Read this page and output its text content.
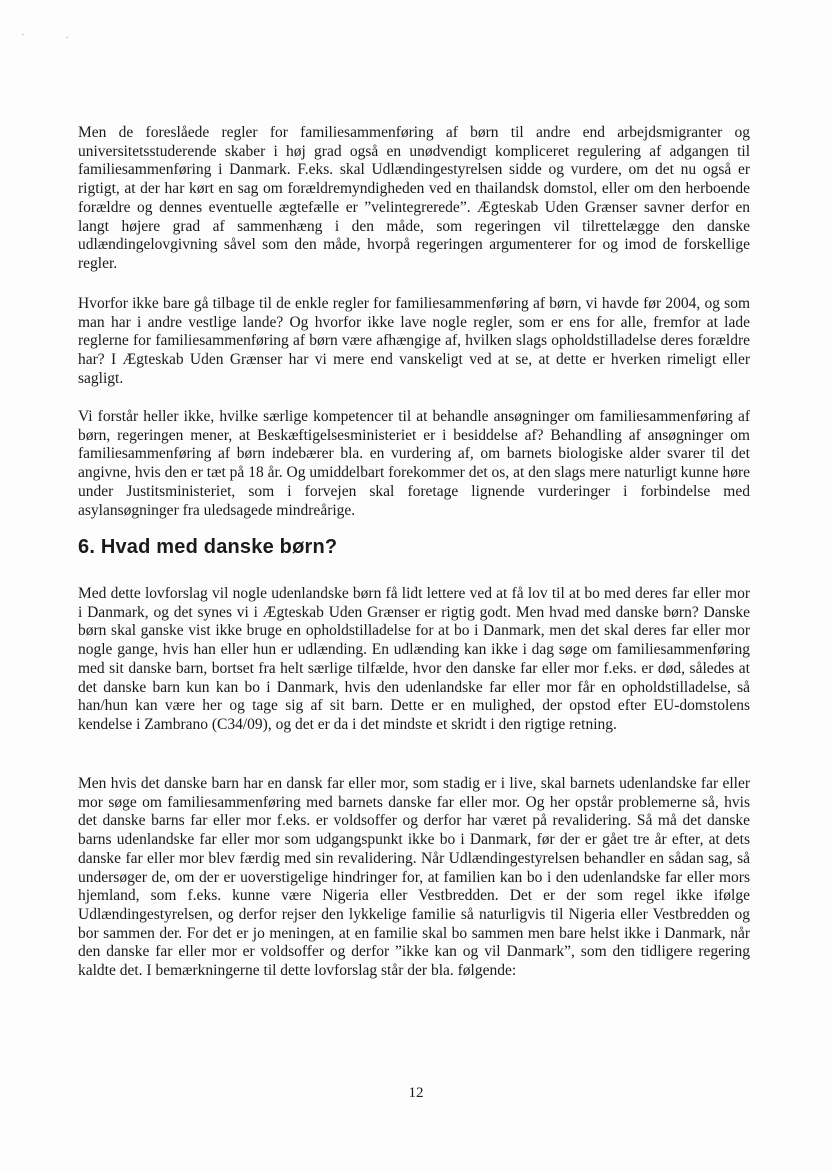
Men de foreslåede regler for familiesammenføring af børn til andre end arbejdsmigranter og universitetsstuderende skaber i høj grad også en unødvendigt kompliceret regulering af adgangen til familiesammenføring i Danmark. F.eks. skal Udlændingestyrelsen sidde og vurdere, om det nu også er rigtigt, at der har kørt en sag om forældremyndigheden ved en thailandsk domstol, eller om den herboende forældre og dennes eventuelle ægtefælle er ”velintegrerede”. Ægteskab Uden Grænser savner derfor en langt højere grad af sammenhæng i den måde, som regeringen vil tilrettelægge den danske udlændingelovgivning såvel som den måde, hvorpå regeringen argumenterer for og imod de forskellige regler.

Hvorfor ikke bare gå tilbage til de enkle regler for familiesammenføring af børn, vi havde før 2004, og som man har i andre vestlige lande? Og hvorfor ikke lave nogle regler, som er ens for alle, fremfor at lade reglerne for familiesammenføring af børn være afhængige af, hvilken slags opholdstilladelse deres forældre har? I Ægteskab Uden Grænser har vi mere end vanskeligt ved at se, at dette er hverken rimeligt eller sagligt.

Vi forstår heller ikke, hvilke særlige kompetencer til at behandle ansøgninger om familiesammenføring af børn, regeringen mener, at Beskæftigelsesministeriet er i besiddelse af? Behandling af ansøgninger om familiesammenføring af børn indebærer bla. en vurdering af, om barnets biologiske alder svarer til det angivne, hvis den er tæt på 18 år. Og umiddelbart forekommer det os, at den slags mere naturligt kunne høre under Justitsministeriet, som i forvejen skal foretage lignende vurderinger i forbindelse med asylansøgninger fra uledsagede mindreårige.

6. Hvad med danske børn?

Med dette lovforslag vil nogle udenlandske børn få lidt lettere ved at få lov til at bo med deres far eller mor i Danmark, og det synes vi i Ægteskab Uden Grænser er rigtig godt. Men hvad med danske børn? Danske børn skal ganske vist ikke bruge en opholdstilladelse for at bo i Danmark, men det skal deres far eller mor nogle gange, hvis han eller hun er udlænding. En udlænding kan ikke i dag søge om familiesammenføring med sit danske barn, bortset fra helt særlige tilfælde, hvor den danske far eller mor f.eks. er død, således at det danske barn kun kan bo i Danmark, hvis den udenlandske far eller mor får en opholdstilladelse, så han/hun kan være her og tage sig af sit barn. Dette er en mulighed, der opstod efter EU-domstolens kendelse i Zambrano (C34/09), og det er da i det mindste et skridt i den rigtige retning.

Men hvis det danske barn har en dansk far eller mor, som stadig er i live, skal barnets udenlandske far eller mor søge om familiesammenføring med barnets danske far eller mor. Og her opstår problemerne så, hvis det danske barns far eller mor f.eks. er voldsoffer og derfor har været på revalidering. Så må det danske barns udenlandske far eller mor som udgangspunkt ikke bo i Danmark, før der er gået tre år efter, at dets danske far eller mor blev færdig med sin revalidering. Når Udlændingestyrelsen behandler en sådan sag, så undersøger de, om der er uoverstigelige hindringer for, at familien kan bo i den udenlandske far eller mors hjemland, som f.eks. kunne være Nigeria eller Vestbredden. Det er der som regel ikke ifølge Udlændingestyrelsen, og derfor rejser den lykkelige familie så naturligvis til Nigeria eller Vestbredden og bor sammen der. For det er jo meningen, at en familie skal bo sammen men bare helst ikke i Danmark, når den danske far eller mor er voldsoffer og derfor ”ikke kan og vil Danmark”, som den tidligere regering kaldte det. I bemærkningerne til dette lovforslag står der bla. følgende:

12
